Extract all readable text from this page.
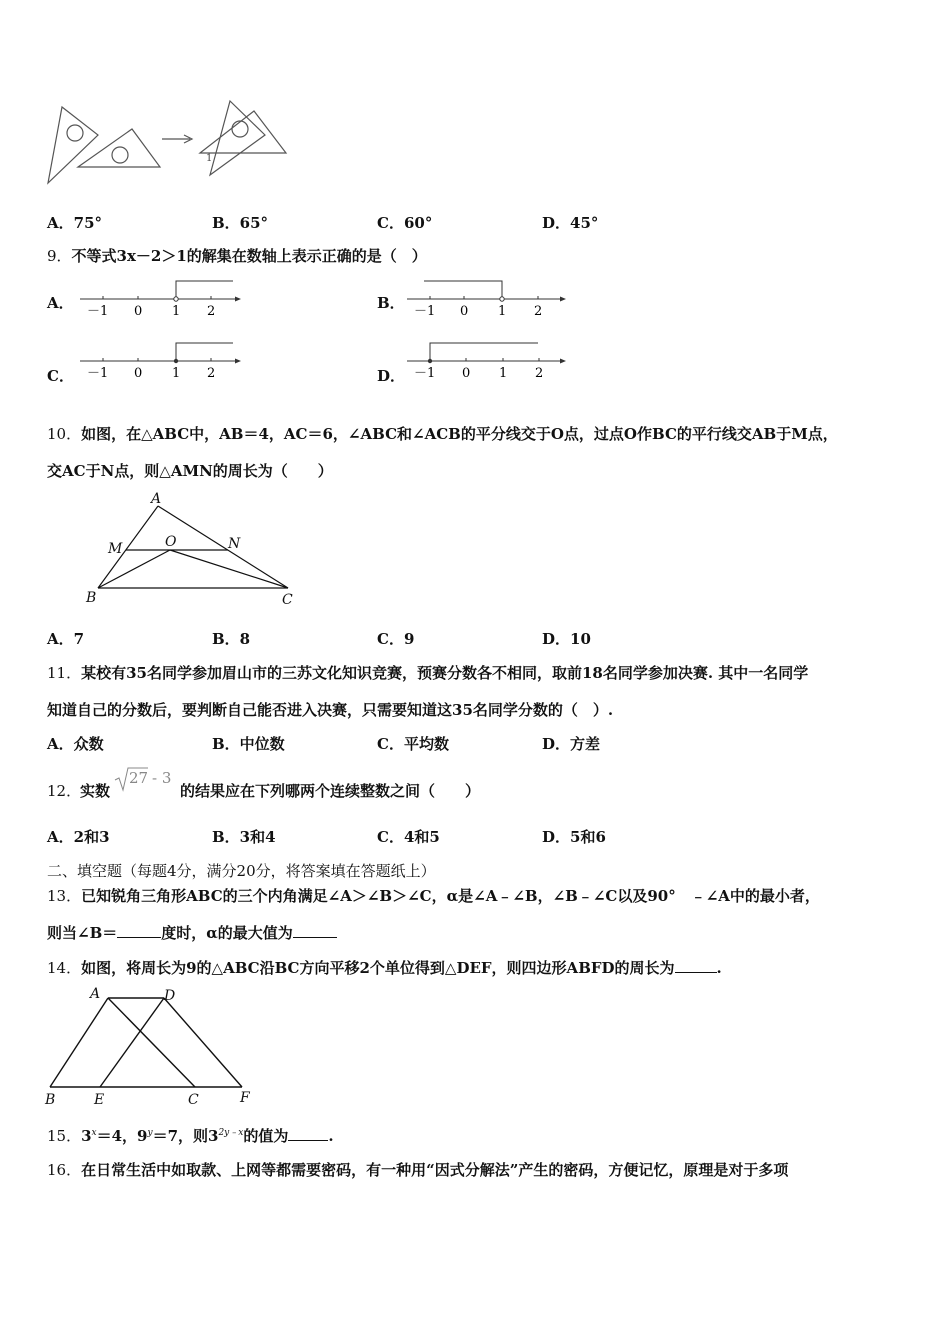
1
A．75°	B．65°	C．60°	D．45°
9．不等式3x－2＞1的解集在数轴上表示正确的是（　）
A． －1 0 1 2	B． －1 0 1 2
C． －1 0 1 2	D． －1 0 1 2
10．如图，在△ABC中，AB＝4，AC＝6，∠ABC和∠ACB的平分线交于O点，过点O作BC的平行线交AB于M点，
交AC于N点，则△AMN的周长为（　　）
A
M	O	N
B	C
A．7	B．8	C．9	D．10
11．某校有35名同学参加眉山市的三苏文化知识竞赛，预赛分数各不相同，取前18名同学参加决赛. 其中一名同学
知道自己的分数后，要判断自己能否进入决赛，只需要知道这35名同学分数的（　）.
A．众数	B．中位数	C．平均数	D．方差
12．
实数
27 - 3
的结果应在下列哪两个连续整数之间（　　）
A．2和3	B．3和4	C．4和5	D．5和6
二、填空题（每题4分，满分20分，将答案填在答题纸上）
13．已知锐角三角形ABC的三个内角满足∠A＞∠B＞∠C，α是∠A﹣∠B，∠B﹣∠C以及90°　﹣∠A中的最小者，
则当∠B＝	度时，α的最大值为
14．如图，将周长为9的△ABC沿BC方向平移2个单位得到△DEF，则四边形ABFD的周长为	.
A	D
B	E	C	F
15．$3^x=4$，$9^y=7$，则$3^{2y﹣x}$的值为	.
16．在日常生活中如取款、上网等都需要密码，有一种用“因式分解法”产生的密码，方便记忆，原理是对于多项
